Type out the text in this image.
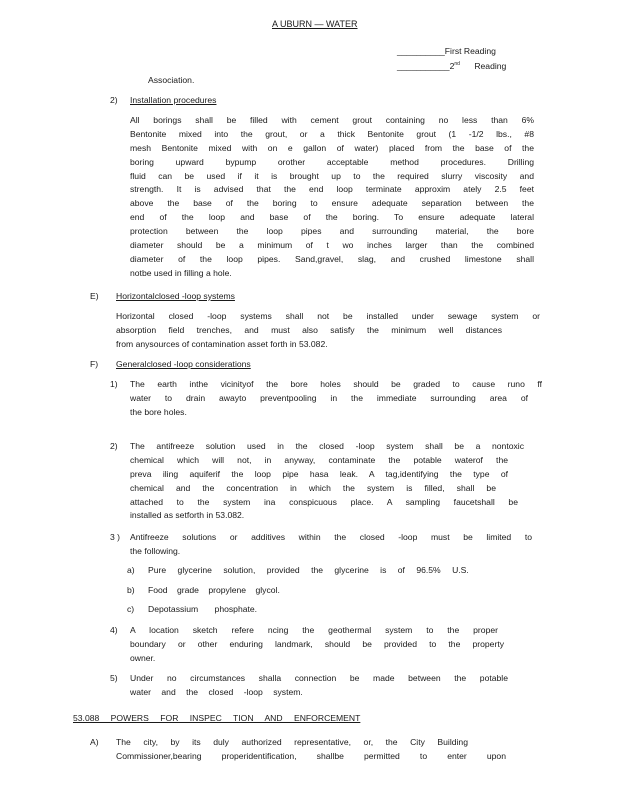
A UBURN — WATER
__________First Reading
___________2nd Reading
Association.
2) Installation procedures
All borings shall be filled with cement grout containing no less than 6%
Bentonite mixed into the grout, or a thick Bentonite grout (1 -1/2 lbs., #8
mesh Bentonite mixed with on e gallon of water) placed from the base of the
boring upward bypump orother acceptable method procedures. Drilling
fluid can be used if it is brought up to the required slurry viscosity and
strength. It is advised that the end loop terminate approxim ately 2.5 feet
above the base of the boring to ensure adequate separation between the
end of the loop and base of the boring. To ensure adequate lateral
protection between the loop pipes and surrounding material, the bore
diameter should be a minimum of t wo inches larger than the combined
diameter of the loop pipes. Sand,gravel, slag, and crushed limestone shall
notbe used in filling a hole.
E) Horizontalclosed -loop systems
Horizontal closed -loop systems shall not be installed under sewage system or
absorption field trenches, and must also satisfy the minimum well distances
from anysources of contamination asset forth in 53.082.
F) Generalclosed -loop considerations
1) The earth inthe vicinityof the bore holes should be graded to cause runo ff
water to drain awayto preventpooling in the immediate surrounding area of
the bore holes.
2) The antifreeze solution used in the closed -loop system shall be a nontoxic
chemical which will not, in anyway, contaminate the potable waterof the
preva iling aquiferif the loop pipe hasa leak. A tag,identifying the type of
chemical and the concentration in which the system is filled, shall be
attached to the system ina conspicuous place. A sampling faucetshall be
installed as setforth in 53.082.
3 ) Antifreeze solutions or additives within the closed -loop must be limited to
the following.
a) Pure glycerine solution, provided the glycerine is of 96.5% U.S.
b) Food grade propylene glycol.
c) Depotassium phosphate.
4) A location sketch refere ncing the geothermal system to the proper
boundary or other enduring landmark, should be provided to the property
owner.
5) Under no circumstances shalla connection be made between the potable
water and the closed -loop system.
53.088 POWERS FOR INSPEC TION AND ENFORCEMENT
A) The city, by its duly authorized representative, or, the City Building
Commissioner,bearing properidentification, shallbe permitted to enter upon
